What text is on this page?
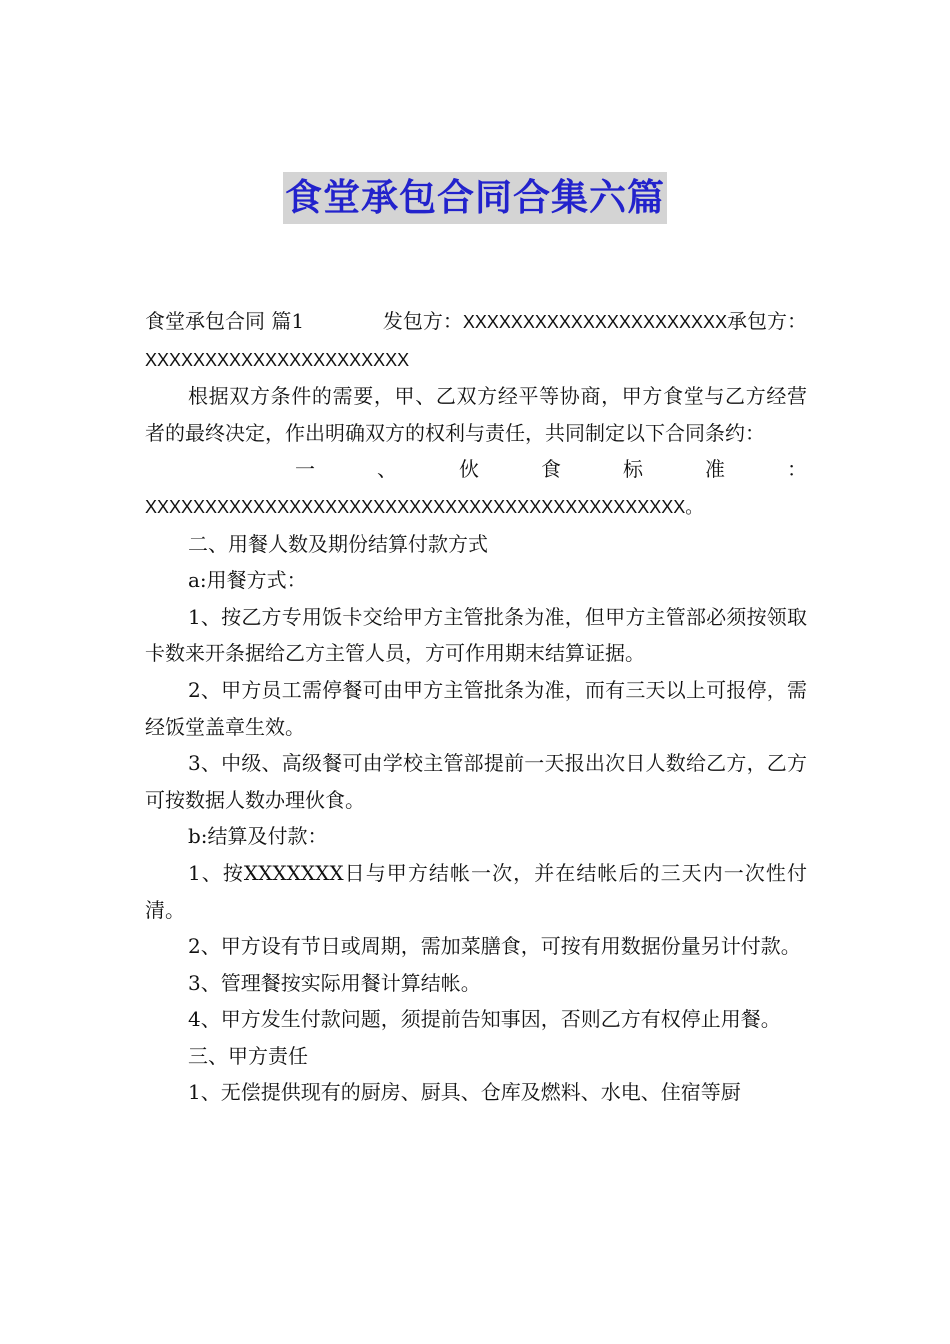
食堂承包合同合集六篇
食堂承包合同 篇1	发包方：XXXXXXXXXXXXXXXXXXXXXX承包方：

XXXXXXXXXXXXXXXXXXXXXX

根据双方条件的需要，甲、乙双方经平等协商，甲方食堂与乙方经营者的最终决定，作出明确双方的权利与责任，共同制定以下合同条约：

一、伙食标准：

XXXXXXXXXXXXXXXXXXXXXXXXXXXXXXXXXXXXXXXXXXXXX。

二、用餐人数及期份结算付款方式

a:用餐方式：

1、按乙方专用饭卡交给甲方主管批条为准，但甲方主管部必须按领取卡数来开条据给乙方主管人员，方可作用期末结算证据。

2、甲方员工需停餐可由甲方主管批条为准，而有三天以上可报停，需经饭堂盖章生效。

3、中级、高级餐可由学校主管部提前一天报出次日人数给乙方，乙方可按数据人数办理伙食。

b:结算及付款：

1、按XXXXXXX日与甲方结帐一次，并在结帐后的三天内一次性付清。

2、甲方设有节日或周期，需加菜膳食，可按有用数据份量另计付款。

3、管理餐按实际用餐计算结帐。

4、甲方发生付款问题，须提前告知事因，否则乙方有权停止用餐。

三、甲方责任

1、无偿提供现有的厨房、厨具、仓库及燃料、水电、住宿等厨
